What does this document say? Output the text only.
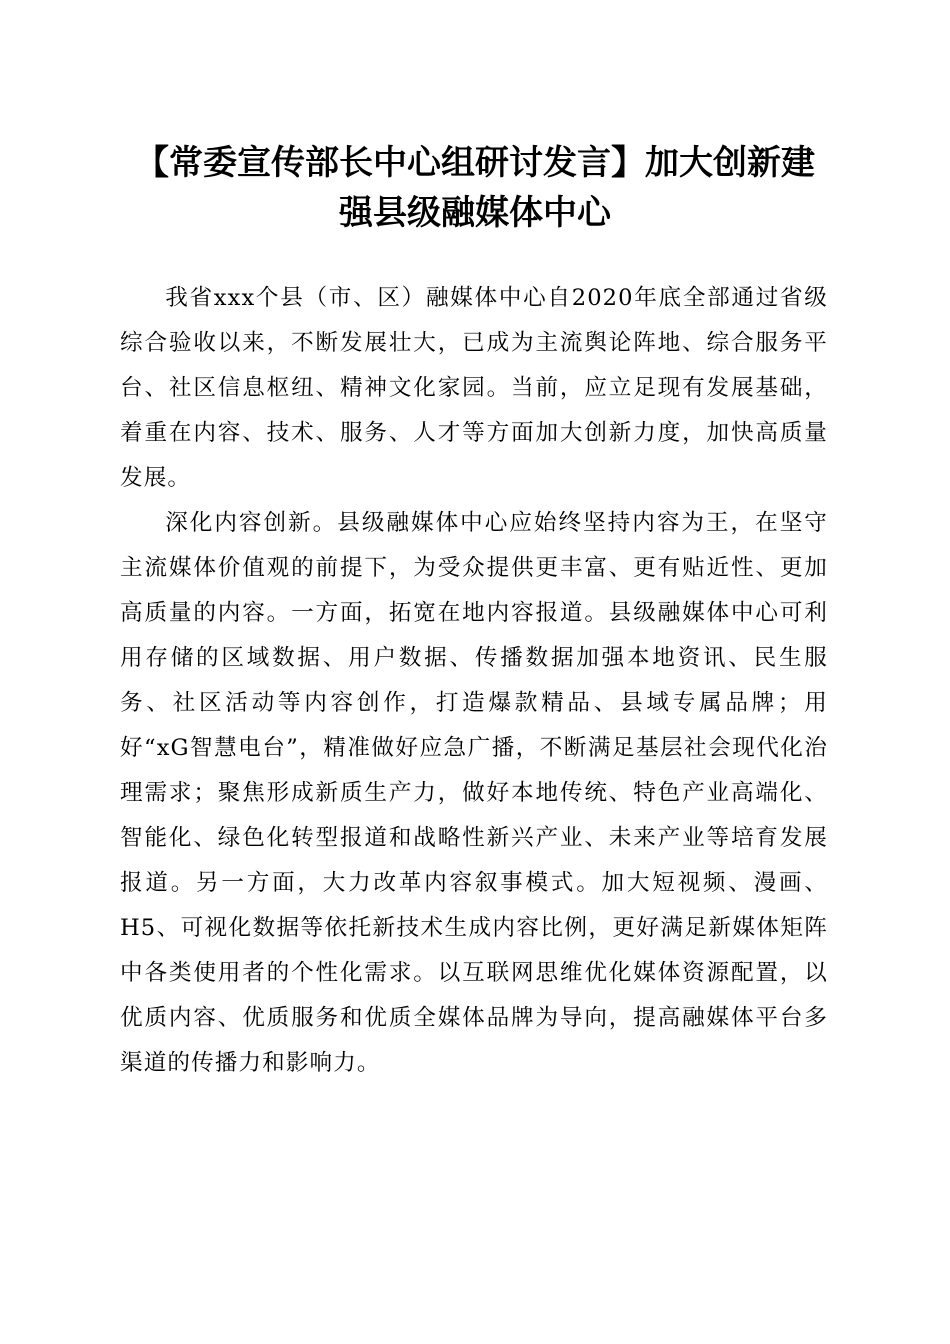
【常委宣传部长中心组研讨发言】加大创新建
强县级融媒体中心

我省xxx个县（市、区）融媒体中心自2020年底全部通过省级综合验收以来，不断发展壮大，已成为主流舆论阵地、综合服务平台、社区信息枢纽、精神文化家园。当前，应立足现有发展基础，着重在内容、技术、服务、人才等方面加大创新力度，加快高质量发展。

深化内容创新。县级融媒体中心应始终坚持内容为王，在坚守主流媒体价值观的前提下，为受众提供更丰富、更有贴近性、更加高质量的内容。一方面，拓宽在地内容报道。县级融媒体中心可利用存储的区域数据、用户数据、传播数据加强本地资讯、民生服务、社区活动等内容创作，打造爆款精品、县域专属品牌；用好“xG智慧电台”，精准做好应急广播，不断满足基层社会现代化治理需求；聚焦形成新质生产力，做好本地传统、特色产业高端化、智能化、绿色化转型报道和战略性新兴产业、未来产业等培育发展报道。另一方面，大力改革内容叙事模式。加大短视频、漫画、H5、可视化数据等依托新技术生成内容比例，更好满足新媒体矩阵中各类使用者的个性化需求。以互联网思维优化媒体资源配置，以优质内容、优质服务和优质全媒体品牌为导向，提高融媒体平台多渠道的传播力和影响力。
